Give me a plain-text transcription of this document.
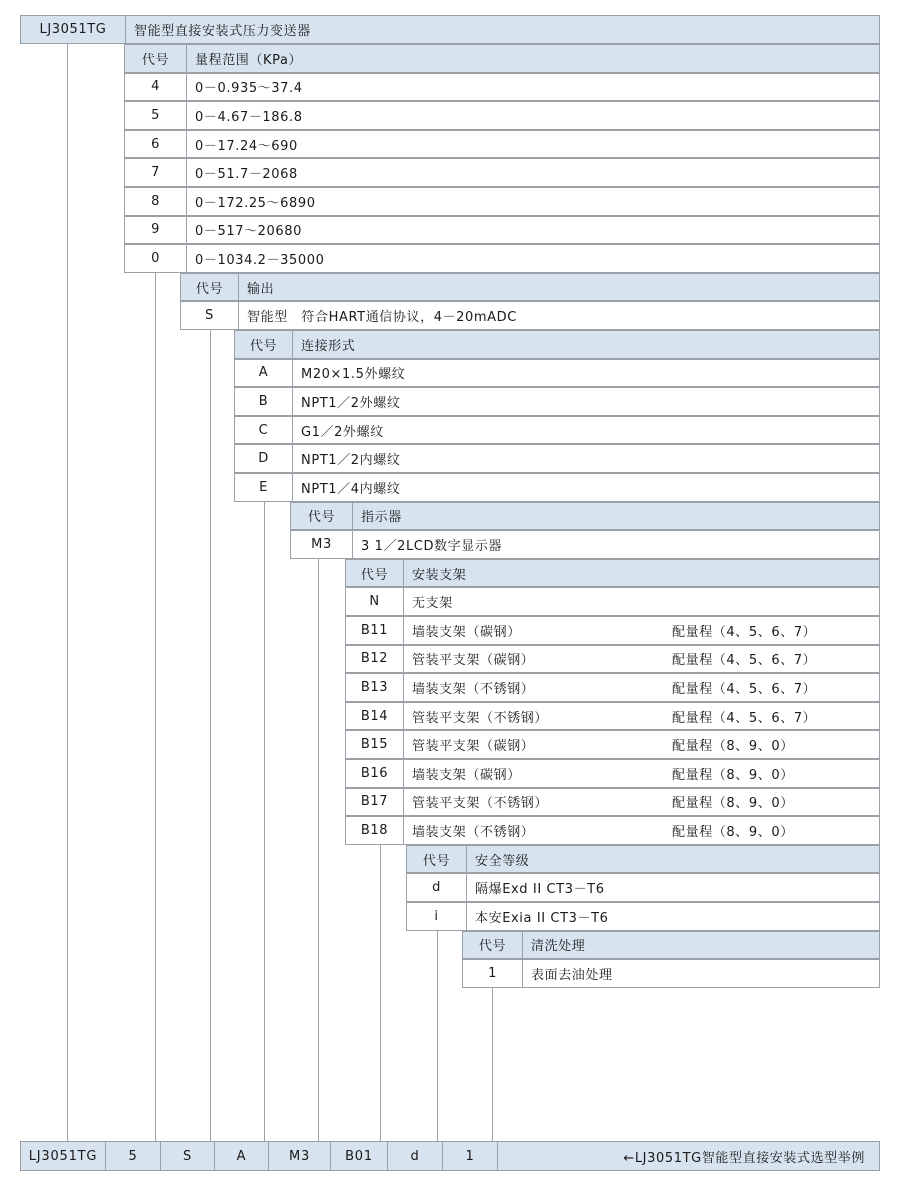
LJ3051TG	智能型直接安装式压力变送器
代号	量程范围（KPa）
4	0－0.935～37.4
5	0－4.67－186.8
6	0－17.24～690
7	0－51.7－2068
8	0－172.25～6890
9	0－517～20680
0	0－1034.2－35000
代号	输出
S	智能型　符合HART通信协议，4－20mADC
代号	连接形式
A	M20×1.5外螺纹
B	NPT1／2外螺纹
C	G1／2外螺纹
D	NPT1／2内螺纹
E	NPT1／4内螺纹
代号	指示器
M3	3 1／2LCD数字显示器
代号	安装支架
N	无支架
B11	墙装支架（碳钢）	配量程（4、5、6、7）
B12	管装平支架（碳钢）	配量程（4、5、6、7）
B13	墙装支架（不锈钢）	配量程（4、5、6、7）
B14	管装平支架（不锈钢）	配量程（4、5、6、7）
B15	管装平支架（碳钢）	配量程（8、9、0）
B16	墙装支架（碳钢）	配量程（8、9、0）
B17	管装平支架（不锈钢）	配量程（8、9、0）
B18	墙装支架（不锈钢）	配量程（8、9、0）
代号	安全等级
d	隔爆Exd II CT3－T6
i	本安Exia II CT3－T6
代号	清洗处理
1	表面去油处理
LJ3051TG	5	S	A	M3	B01	d	1	←LJ3051TG智能型直接安装式选型举例
